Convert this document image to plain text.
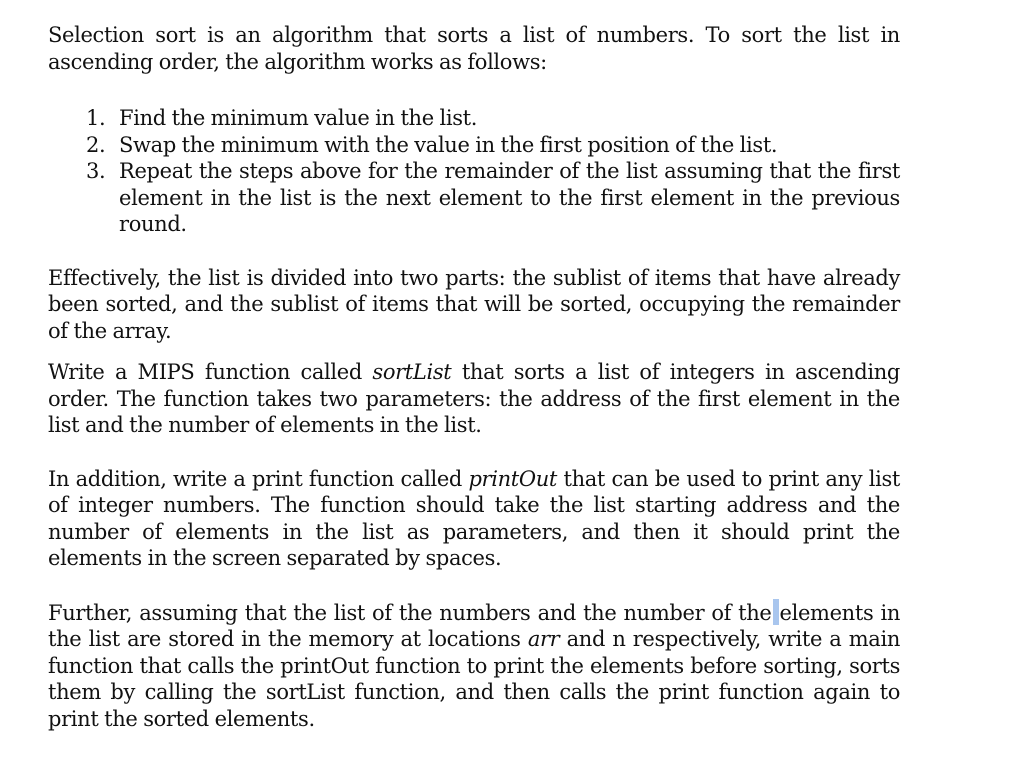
Selection sort is an algorithm that sorts a list of numbers. To sort the list in ascending order, the algorithm works as follows:

1. Find the minimum value in the list.
2. Swap the minimum with the value in the first position of the list.
3. Repeat the steps above for the remainder of the list assuming that the first element in the list is the next element to the first element in the previous round.

Effectively, the list is divided into two parts: the sublist of items that have already been sorted, and the sublist of items that will be sorted, occupying the remainder of the array.

Write a MIPS function called sortList that sorts a list of integers in ascending order. The function takes two parameters: the address of the first element in the list and the number of elements in the list.

In addition, write a print function called printOut that can be used to print any list of integer numbers. The function should take the list starting address and the number of elements in the list as parameters, and then it should print the elements in the screen separated by spaces.

Further, assuming that the list of the numbers and the number of the elements in the list are stored in the memory at locations arr and n respectively, write a main function that calls the printOut function to print the elements before sorting, sorts them by calling the sortList function, and then calls the print function again to print the sorted elements.
